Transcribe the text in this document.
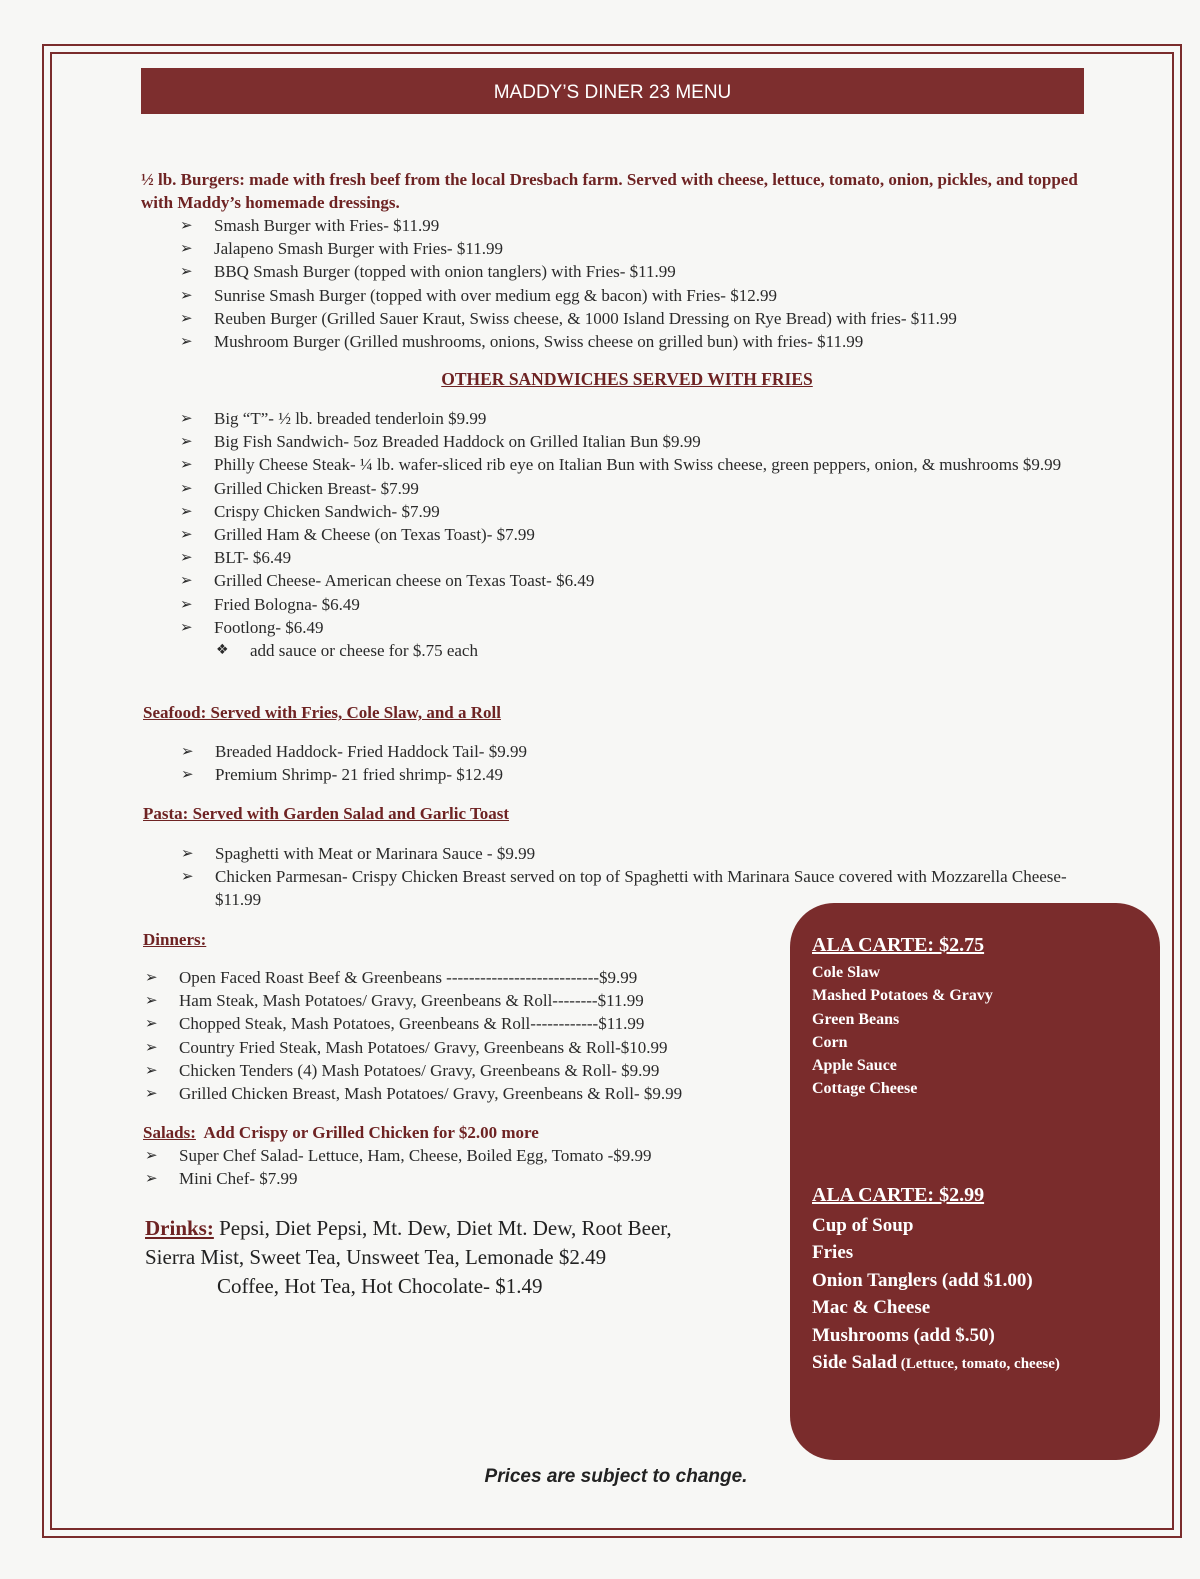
MADDY’S DINER 23 MENU
½ lb. Burgers: made with fresh beef from the local Dresbach farm. Served with cheese, lettuce, tomato, onion, pickles, and topped with Maddy’s homemade dressings.
➢ Smash Burger with Fries- $11.99
➢ Jalapeno Smash Burger with Fries- $11.99
➢ BBQ Smash Burger (topped with onion tanglers) with Fries- $11.99
➢ Sunrise Smash Burger (topped with over medium egg & bacon) with Fries- $12.99
➢ Reuben Burger (Grilled Sauer Kraut, Swiss cheese, & 1000 Island Dressing on Rye Bread) with fries- $11.99
➢ Mushroom Burger (Grilled mushrooms, onions, Swiss cheese on grilled bun) with fries- $11.99
OTHER SANDWICHES SERVED WITH FRIES
➢ Big “T”- ½ lb. breaded tenderloin $9.99
➢ Big Fish Sandwich- 5oz Breaded Haddock on Grilled Italian Bun $9.99
➢ Philly Cheese Steak- ¼ lb. wafer-sliced rib eye on Italian Bun with Swiss cheese, green peppers, onion, & mushrooms $9.99
➢ Grilled Chicken Breast- $7.99
➢ Crispy Chicken Sandwich- $7.99
➢ Grilled Ham & Cheese (on Texas Toast)- $7.99
➢ BLT- $6.49
➢ Grilled Cheese- American cheese on Texas Toast- $6.49
➢ Fried Bologna- $6.49
➢ Footlong- $6.49
❖ add sauce or cheese for $.75 each
Seafood: Served with Fries, Cole Slaw, and a Roll
➢ Breaded Haddock- Fried Haddock Tail- $9.99
➢ Premium Shrimp- 21 fried shrimp- $12.49
Pasta: Served with Garden Salad and Garlic Toast
➢ Spaghetti with Meat or Marinara Sauce - $9.99
➢ Chicken Parmesan- Crispy Chicken Breast served on top of Spaghetti with Marinara Sauce covered with Mozzarella Cheese- $11.99
Dinners:
➢ Open Faced Roast Beef & Greenbeans ---------------------------$9.99
➢ Ham Steak, Mash Potatoes/ Gravy, Greenbeans & Roll--------$11.99
➢ Chopped Steak, Mash Potatoes, Greenbeans & Roll------------$11.99
➢ Country Fried Steak, Mash Potatoes/ Gravy, Greenbeans & Roll-$10.99
➢ Chicken Tenders (4) Mash Potatoes/ Gravy, Greenbeans & Roll- $9.99
➢ Grilled Chicken Breast, Mash Potatoes/ Gravy, Greenbeans & Roll- $9.99
Salads:  Add Crispy or Grilled Chicken for $2.00 more
➢ Super Chef Salad- Lettuce, Ham, Cheese, Boiled Egg, Tomato -$9.99
➢ Mini Chef- $7.99
Drinks: Pepsi, Diet Pepsi, Mt. Dew, Diet Mt. Dew, Root Beer,
Sierra Mist, Sweet Tea, Unsweet Tea, Lemonade $2.49
Coffee, Hot Tea, Hot Chocolate- $1.49
ALA CARTE: $2.75
Cole Slaw
Mashed Potatoes & Gravy
Green Beans
Corn
Apple Sauce
Cottage Cheese
ALA CARTE: $2.99
Cup of Soup
Fries
Onion Tanglers (add $1.00)
Mac & Cheese
Mushrooms (add $.50)
Side Salad (Lettuce, tomato, cheese)
Prices are subject to change.
